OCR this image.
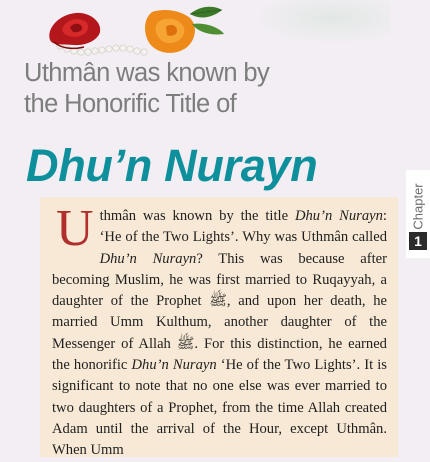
Uthmân was known by
the Honorific Title of
Dhu’n Nurayn
Chapter
1

Uthmân was known by the title Dhu’n Nurayn: ‘He of the Two Lights’. Why was Uthmân called Dhu’n Nurayn? This was because after becoming Muslim, he was first married to Ruqayyah, a daughter of the Prophet ﷺ, and upon her death, he married Umm Kulthum, another daughter of the Messenger of Allah ﷺ. For this distinction, he earned the honorific Dhu’n Nurayn ‘He of the Two Lights’. It is significant to note that no one else was ever married to two daughters of a Prophet, from the time Allah created Adam until the arrival of the Hour, except Uthmân. When Umm
